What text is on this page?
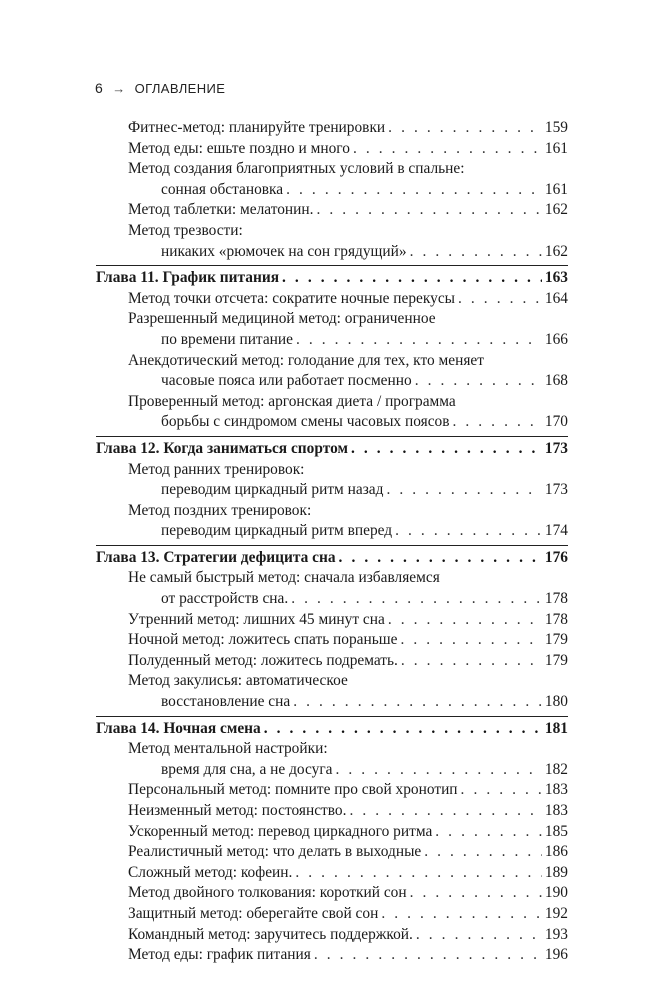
6 → ОГЛАВЛЕНИЕ
Фитнес-метод: планируйте тренировки . . .	159
Метод еды: ешьте поздно и много . . .	161
Метод создания благоприятных условий в спальне:
сонная обстановка . . .	161
Метод таблетки: мелатонин. . . .	162
Метод трезвости:
никаких «рюмочек на сон грядущий» . . .	162
Глава 11. График питания . . .	163
Метод точки отсчета: сократите ночные перекусы . . .	164
Разрешенный медициной метод: ограниченное
по времени питание . . .	166
Анекдотический метод: голодание для тех, кто меняет
часовые пояса или работает посменно . . .	168
Проверенный метод: аргонская диета / программа
борьбы с синдромом смены часовых поясов . . .	170
Глава 12. Когда заниматься спортом . . .	173
Метод ранних тренировок:
переводим циркадный ритм назад . . .	173
Метод поздних тренировок:
переводим циркадный ритм вперед . . .	174
Глава 13. Стратегии дефицита сна . . .	176
Не самый быстрый метод: сначала избавляемся
от расстройств сна. . . .	178
Утренний метод: лишних 45 минут сна . . .	178
Ночной метод: ложитесь спать пораньше . . .	179
Полуденный метод: ложитесь подремать. . . .	179
Метод закулисья: автоматическое
восстановление сна . . .	180
Глава 14. Ночная смена . . .	181
Метод ментальной настройки:
время для сна, а не досуга . . .	182
Персональный метод: помните про свой хронотип . . .	183
Неизменный метод: постоянство. . . .	183
Ускоренный метод: перевод циркадного ритма . . .	185
Реалистичный метод: что делать в выходные . . .	186
Сложный метод: кофеин. . . .	189
Метод двойного толкования: короткий сон . . .	190
Защитный метод: оберегайте свой сон . . .	192
Командный метод: заручитесь поддержкой. . . .	193
Метод еды: график питания . . .	196
